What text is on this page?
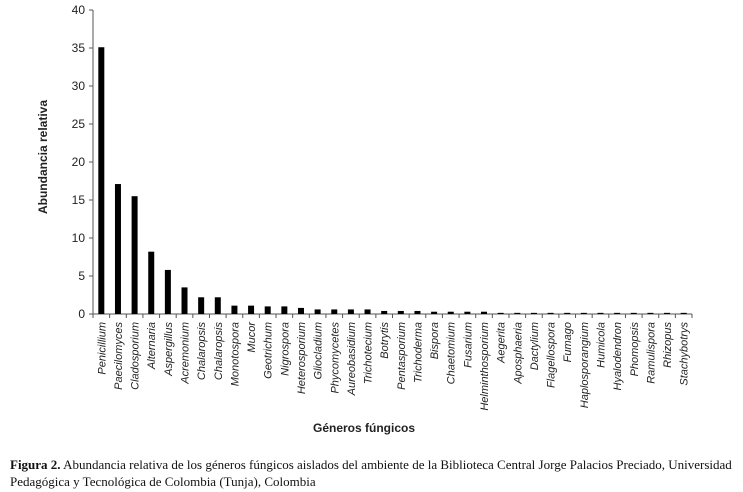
0
5
10
15
20
25
30
35
40
Penicillium Paecilomyces Cladosporium Alternaria Aspergillus Acremonium Chalaropsis Chalaropsis Monotospora Mucor Geotrichum Nigrospora Heterosporium Gliocladium Phycomycetes Aureobasidium Trichotecium Botrytis Pentasporium Trichoderma Bispora Chaetomium Fusarium Helminthosporium Aegerita Aposphaeria Dactylium Flagellospora Fumago Haplosporangium Humicola Hyalodendron Phomopsis Ramulispora Rhizopus Stachybotrys
Abundancia relativa
Géneros fúngicos
Figura 2. Abundancia relativa de los géneros fúngicos aislados del ambiente de la Biblioteca Central Jorge Palacios Preciado, Universidad Pedagógica y Tecnológica de Colombia (Tunja), Colombia
